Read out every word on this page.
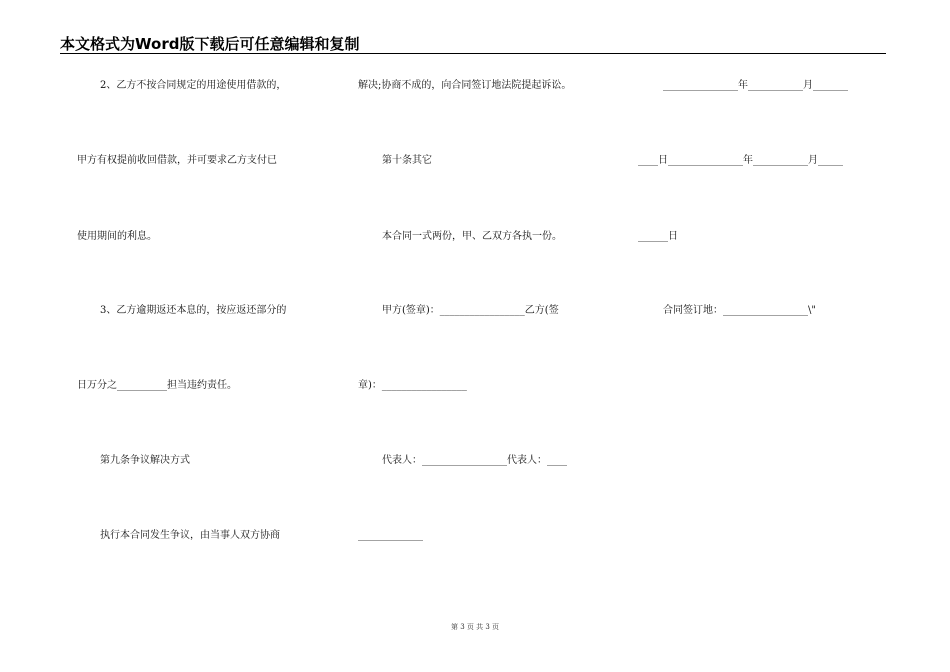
本文格式为Word版下载后可任意编辑和复制
2、乙方不按合同规定的用途使用借款的，
甲方有权提前收回借款，并可要求乙方支付已
使用期间的利息。
3、乙方逾期返还本息的，按应返还部分的
日万分之__________担当违约责任。
第九条争议解决方式
执行本合同发生争议，由当事人双方协商
解决;协商不成的，向合同签订地法院提起诉讼。
第十条其它
本合同一式两份，甲、乙双方各执一份。
甲方(签章)：_________________乙方(签
章)：_________________
代表人：_________________代表人：____
_____________
_______________年___________月_______
____日_______________年___________月_____
______日
合同签订地：_________________\"
第 3 页 共 3 页
